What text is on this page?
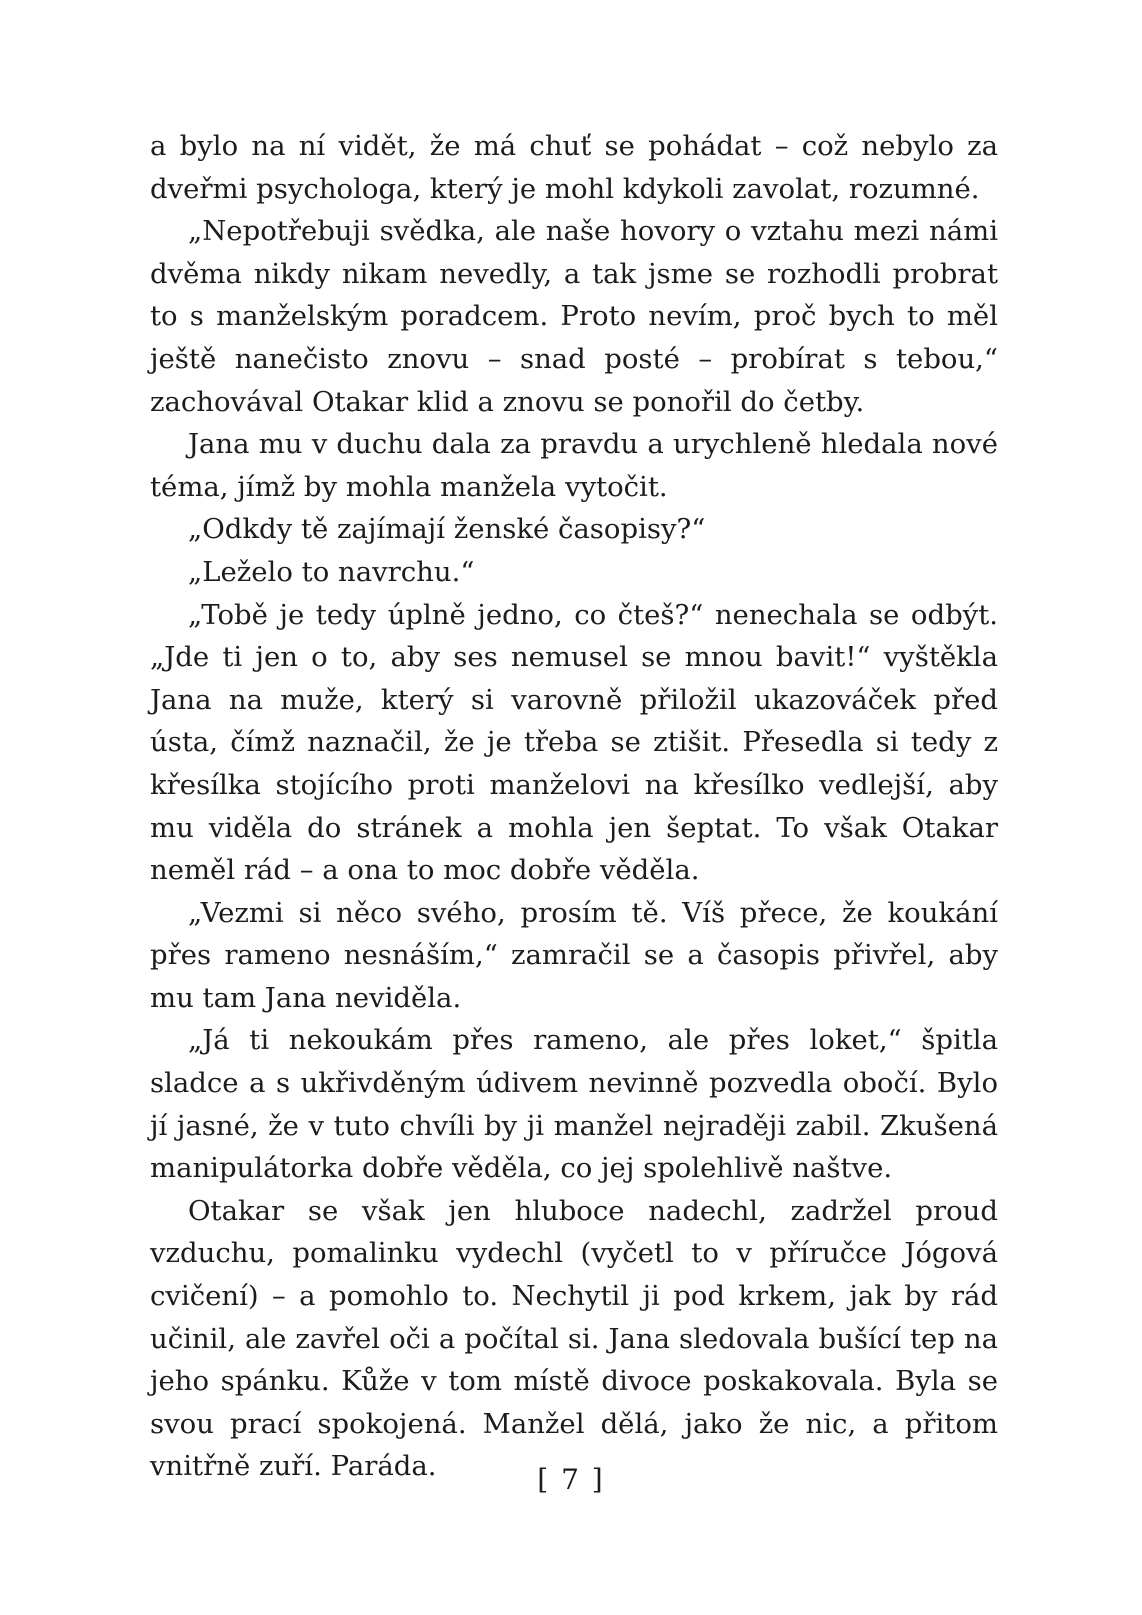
a bylo na ní vidět, že má chuť se pohádat – což nebylo za dveřmi psychologa, který je mohl kdykoli zavolat, rozumné.

„Nepotřebuji svědka, ale naše hovory o vztahu mezi námi dvěma nikdy nikam nevedly, a tak jsme se rozhodli probrat to s manželským poradcem. Proto nevím, proč bych to měl ještě nanečisto znovu – snad posté – probírat s tebou,“ zachovával Otakar klid a znovu se ponořil do četby.

Jana mu v duchu dala za pravdu a urychleně hledala nové téma, jímž by mohla manžela vytočit.

„Odkdy tě zajímají ženské časopisy?“

„Leželo to navrchu.“

„Tobě je tedy úplně jedno, co čteš?“ nenechala se odbýt. „Jde ti jen o to, aby ses nemusel se mnou bavit!“ vyštěkla Jana na muže, který si varovně přiložil ukazováček před ústa, čímž naznačil, že je třeba se ztišit. Přesedla si tedy z křesílka stojícího proti manželovi na křesílko vedlejší, aby mu viděla do stránek a mohla jen šeptat. To však Otakar neměl rád – a ona to moc dobře věděla.

„Vezmi si něco svého, prosím tě. Víš přece, že koukání přes rameno nesnáším,“ zamračil se a časopis přivřel, aby mu tam Jana neviděla.

„Já ti nekoukám přes rameno, ale přes loket,“ špitla sladce a s ukřivděným údivem nevinně pozvedla obočí. Bylo jí jasné, že v tuto chvíli by ji manžel nejraději zabil. Zkušená manipulátorka dobře věděla, co jej spolehlivě naštve.

Otakar se však jen hluboce nadechl, zadržel proud vzduchu, pomalinku vydechl (vyčetl to v příručce Jógová cvičení) – a pomohlo to. Nechytil ji pod krkem, jak by rád učinil, ale zavřel oči a počítal si. Jana sledovala bušící tep na jeho spánku. Kůže v tom místě divoce poskakovala. Byla se svou prací spokojená. Manžel dělá, jako že nic, a přitom vnitřně zuří. Paráda.	[ 7 ]
